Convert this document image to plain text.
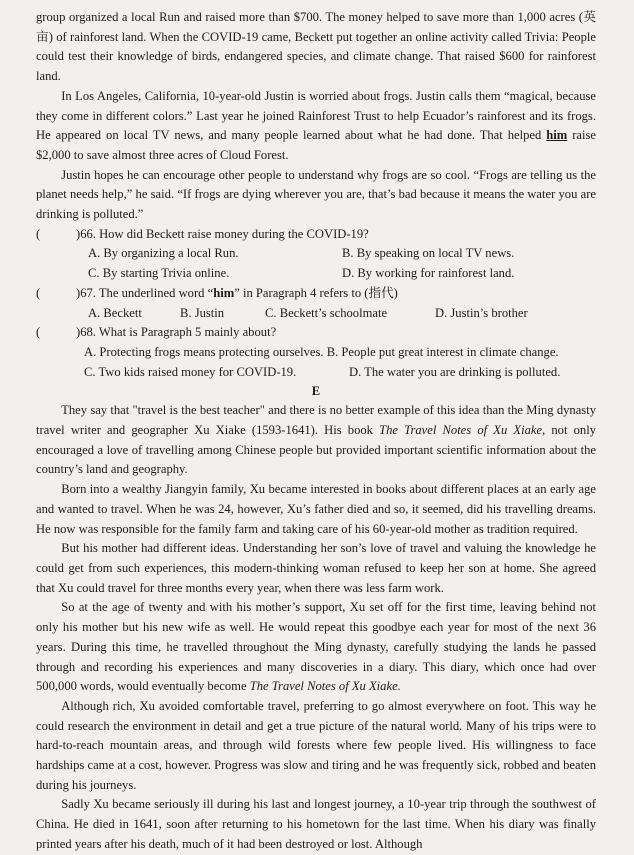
group organized a local Run and raised more than $700. The money helped to save more than 1,000 acres (英亩) of rainforest land. When the COVID-19 came, Beckett put together an online activity called Trivia: People could test their knowledge of birds, endangered species, and climate change. That raised $600 for rainforest land.

In Los Angeles, California, 10-year-old Justin is worried about frogs. Justin calls them “magical, because they come in different colors.” Last year he joined Rainforest Trust to help Ecuador’s rainforest and its frogs. He appeared on local TV news, and many people learned about what he had done. That helped him raise $2,000 to save almost three acres of Cloud Forest.

Justin hopes he can encourage other people to understand why frogs are so cool. “Frogs are telling us the planet needs help,” he said. “If frogs are dying wherever you are, that’s bad because it means the water you are drinking is polluted.”

(	)66. How did Beckett raise money during the COVID-19?
A. By organizing a local Run.	B. By speaking on local TV news.
C. By starting Trivia online.	D. By working for rainforest land.
(	)67. The underlined word “him” in Paragraph 4 refers to (指代)
A. Beckett	B. Justin	C. Beckett’s schoolmate	D. Justin’s brother
(	)68. What is Paragraph 5 mainly about?
A. Protecting frogs means protecting ourselves. B. People put great interest in climate change.
C. Two kids raised money for COVID-19.	D. The water you are drinking is polluted.
E

They say that "travel is the best teacher" and there is no better example of this idea than the Ming dynasty travel writer and geographer Xu Xiake (1593-1641). His book The Travel Notes of Xu Xiake, not only encouraged a love of travelling among Chinese people but provided important scientific information about the country’s land and geography.

Born into a wealthy Jiangyin family, Xu became interested in books about different places at an early age and wanted to travel. When he was 24, however, Xu’s father died and so, it seemed, did his travelling dreams. He now was responsible for the family farm and taking care of his 60-year-old mother as tradition required.

But his mother had different ideas. Understanding her son’s love of travel and valuing the knowledge he could get from such experiences, this modern-thinking woman refused to keep her son at home. She agreed that Xu could travel for three months every year, when there was less farm work.

So at the age of twenty and with his mother’s support, Xu set off for the first time, leaving behind not only his mother but his new wife as well. He would repeat this goodbye each year for most of the next 36 years. During this time, he travelled throughout the Ming dynasty, carefully studying the lands he passed through and recording his experiences and many discoveries in a diary. This diary, which once had over 500,000 words, would eventually become The Travel Notes of Xu Xiake.

Although rich, Xu avoided comfortable travel, preferring to go almost everywhere on foot. This way he could research the environment in detail and get a true picture of the natural world. Many of his trips were to hard-to-reach mountain areas, and through wild forests where few people lived. His willingness to face hardships came at a cost, however. Progress was slow and tiring and he was frequently sick, robbed and beaten during his journeys.

Sadly Xu became seriously ill during his last and longest journey, a 10-year trip through the southwest of China. He died in 1641, soon after returning to his hometown for the last time. When his diary was finally printed years after his death, much of it had been destroyed or lost. Although
